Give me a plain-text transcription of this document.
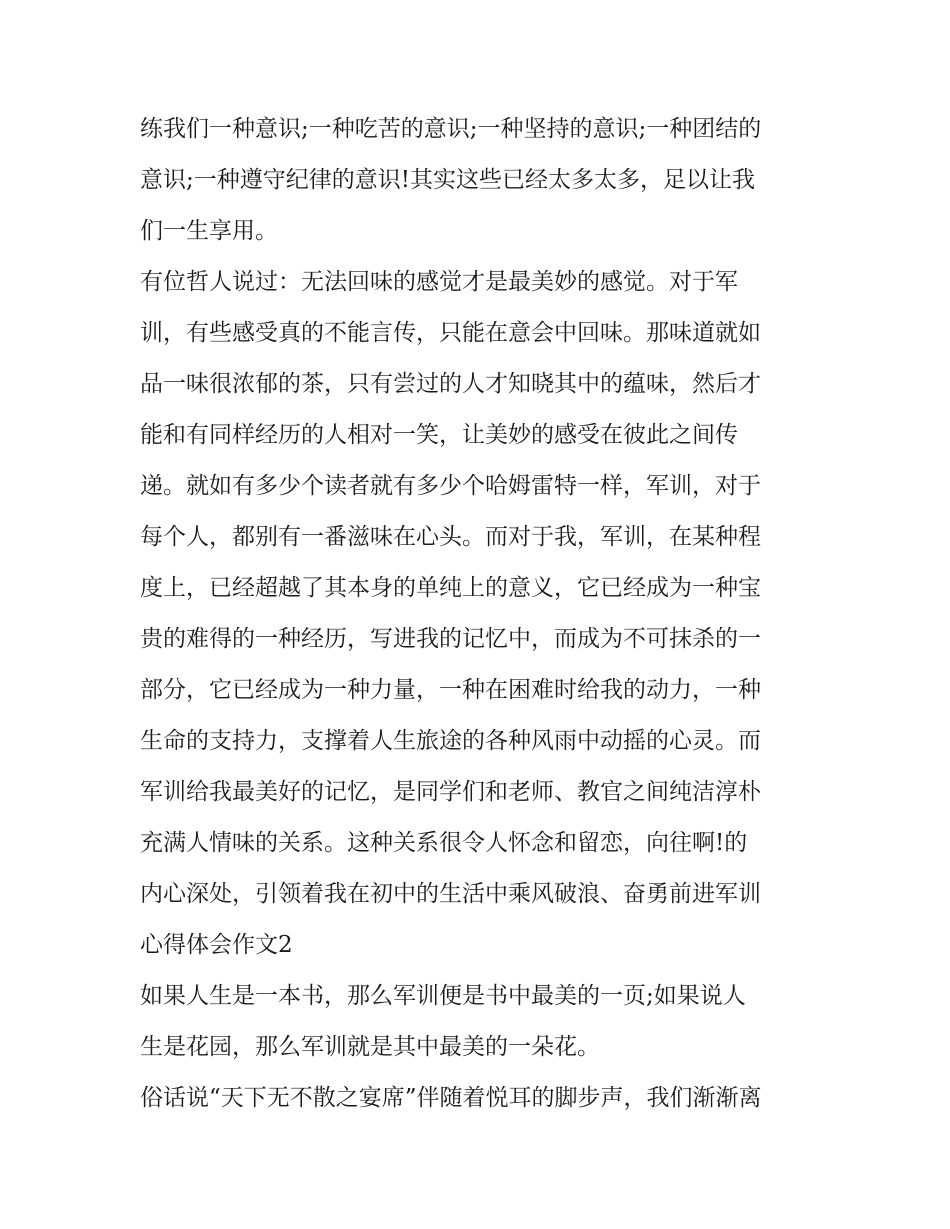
练我们一种意识;一种吃苦的意识;一种坚持的意识;一种团结的
意识;一种遵守纪律的意识!其实这些已经太多太多，足以让我
们一生享用。
有位哲人说过：无法回味的感觉才是最美妙的感觉。对于军
训，有些感受真的不能言传，只能在意会中回味。那味道就如
品一味很浓郁的茶，只有尝过的人才知晓其中的蕴味，然后才
能和有同样经历的人相对一笑，让美妙的感受在彼此之间传
递。就如有多少个读者就有多少个哈姆雷特一样，军训，对于
每个人，都别有一番滋味在心头。而对于我，军训，在某种程
度上，已经超越了其本身的单纯上的意义，它已经成为一种宝
贵的难得的一种经历，写进我的记忆中，而成为不可抹杀的一
部分，它已经成为一种力量，一种在困难时给我的动力，一种
生命的支持力，支撑着人生旅途的各种风雨中动摇的心灵。而
军训给我最美好的记忆，是同学们和老师、教官之间纯洁淳朴
充满人情味的关系。这种关系很令人怀念和留恋，向往啊!的
内心深处，引领着我在初中的生活中乘风破浪、奋勇前进军训
心得体会作文2
如果人生是一本书，那么军训便是书中最美的一页;如果说人
生是花园，那么军训就是其中最美的一朵花。
俗话说“天下无不散之宴席”伴随着悦耳的脚步声，我们渐渐离
